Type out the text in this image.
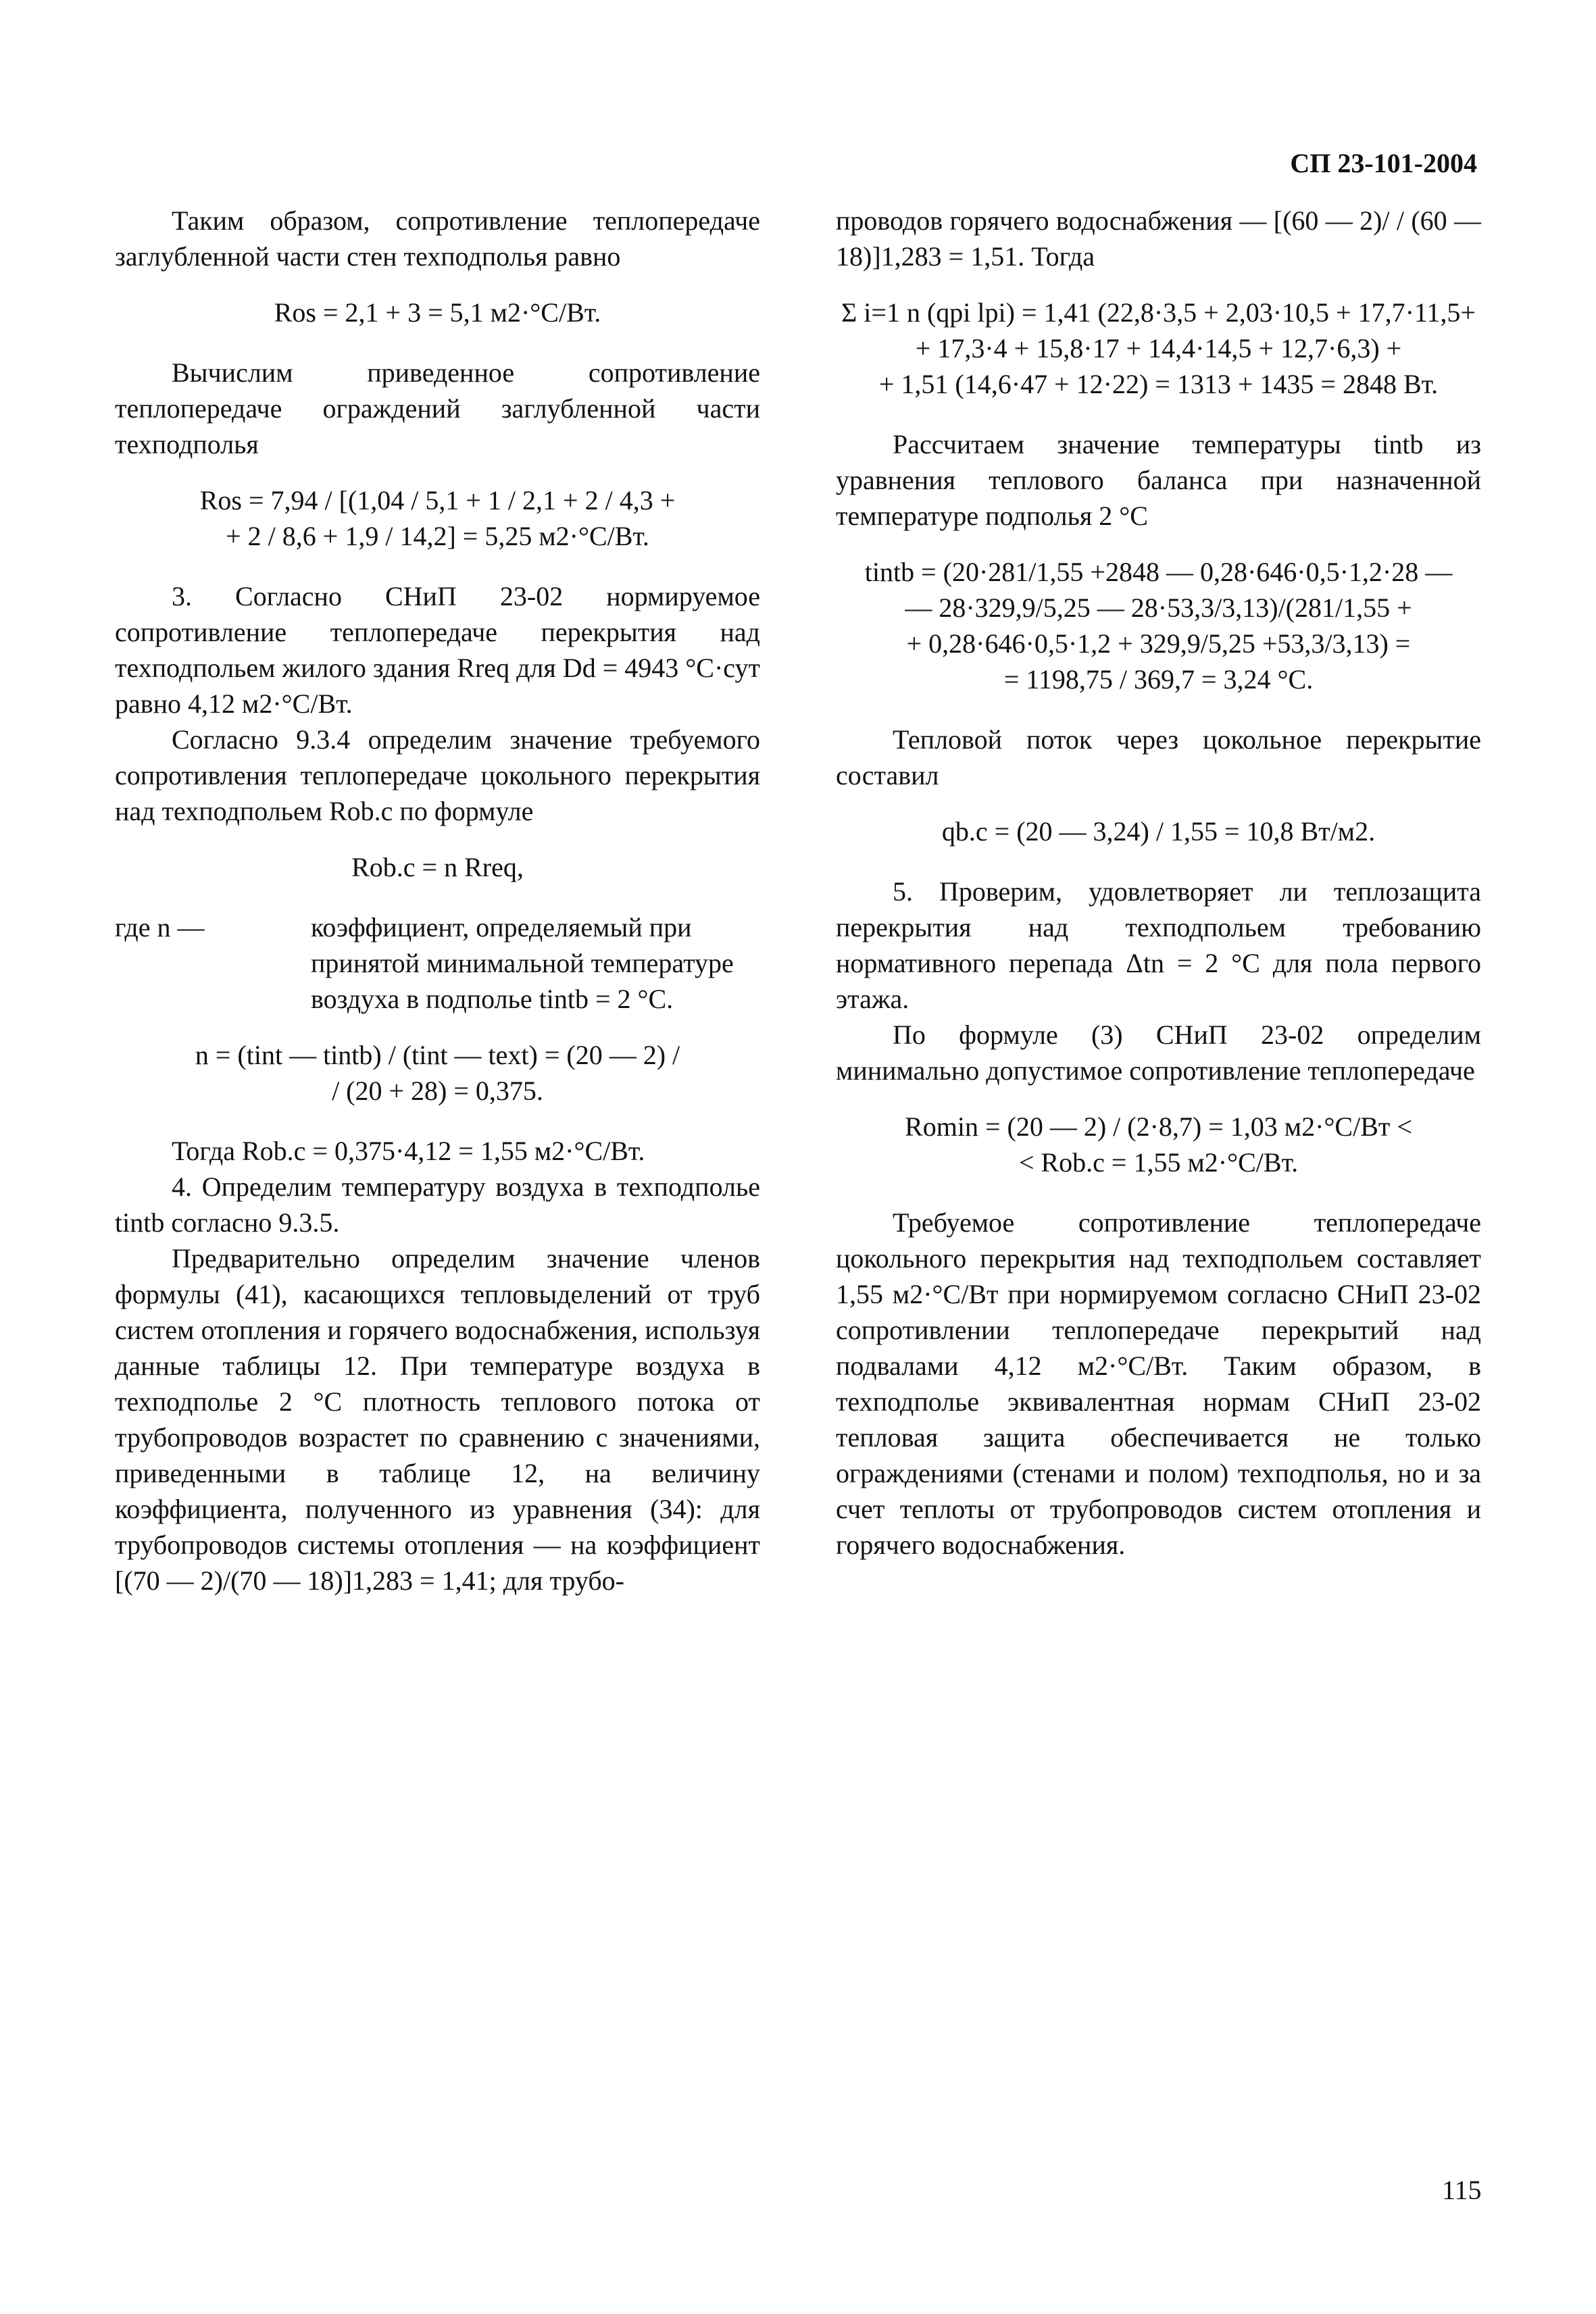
СП 23-101-2004

Таким образом, сопротивление теплопередаче заглубленной части стен техподполья равно

Rоs = 2,1 + 3 = 5,1 м2·°С/Вт.

Вычислим приведенное сопротивление теплопередаче ограждений заглубленной части техподполья

Rоs = 7,94 / [(1,04 / 5,1 + 1 / 2,1 + 2 / 4,3 +
+ 2 / 8,6 + 1,9 / 14,2] = 5,25 м2·°С/Вт.

3. Согласно СНиП 23-02 нормируемое сопротивление теплопередаче перекрытия над техподпольем жилого здания Rreq для Dd = 4943 °С·сут равно 4,12 м2·°С/Вт.

Согласно 9.3.4 определим значение требуемого сопротивления теплопередаче цокольного перекрытия над техподпольем Rоb.c по формуле

Rоb.c = n Rreq,
где n —	коэффициент, определяемый при принятой минимальной температуре воздуха в подполье tintb = 2 °С.
n = (tint — tintb) / (tint — text) = (20 — 2) /
/ (20 + 28) = 0,375.

Тогда Rоb.c = 0,375·4,12 = 1,55 м2·°С/Вт.

4. Определим температуру воздуха в техподполье tintb согласно 9.3.5.

Предварительно определим значение членов формулы (41), касающихся тепловыделений от труб систем отопления и горячего водоснабжения, используя данные таблицы 12. При температуре воздуха в техподполье 2 °С плотность теплового потока от трубопроводов возрастет по сравнению с значениями, приведенными в таблице 12, на величину коэффициента, полученного из уравнения (34): для трубопроводов системы отопления — на коэффициент [(70 — 2)/(70 — 18)]1,283 = 1,41; для трубо-

проводов горячего водоснабжения — [(60 — 2)/ / (60 — 18)]1,283 = 1,51. Тогда

Σ i=1 n (qpi lpi) = 1,41 (22,8·3,5 + 2,03·10,5 + 17,7·11,5+
+ 17,3·4 + 15,8·17 + 14,4·14,5 + 12,7·6,3) +
+ 1,51 (14,6·47 + 12·22) = 1313 + 1435 = 2848 Вт.

Рассчитаем значение температуры tintb из уравнения теплового баланса при назначенной температуре подполья 2 °С

tintb = (20·281/1,55 +2848 — 0,28·646·0,5·1,2·28 —
— 28·329,9/5,25 — 28·53,3/3,13)/(281/1,55 +
+ 0,28·646·0,5·1,2 + 329,9/5,25 +53,3/3,13) =
= 1198,75 / 369,7 = 3,24 °С.

Тепловой поток через цокольное перекрытие составил

qb.c = (20 — 3,24) / 1,55 = 10,8 Вт/м2.

5. Проверим, удовлетворяет ли теплозащита перекрытия над техподпольем требованию нормативного перепада Δtn = 2 °С для пола первого этажа.

По формуле (3) СНиП 23-02 определим минимально допустимое сопротивление теплопередаче

Rоmin = (20 — 2) / (2·8,7) = 1,03 м2·°С/Вт <
< Rоb.c = 1,55 м2·°С/Вт.

Требуемое сопротивление теплопередаче цокольного перекрытия над техподпольем составляет 1,55 м2·°С/Вт при нормируемом согласно СНиП 23-02 сопротивлении теплопередаче перекрытий над подвалами 4,12 м2·°С/Вт. Таким образом, в техподполье эквивалентная нормам СНиП 23-02 тепловая защита обеспечивается не только ограждениями (стенами и полом) техподполья, но и за счет теплоты от трубопроводов систем отопления и горячего водоснабжения.

115
